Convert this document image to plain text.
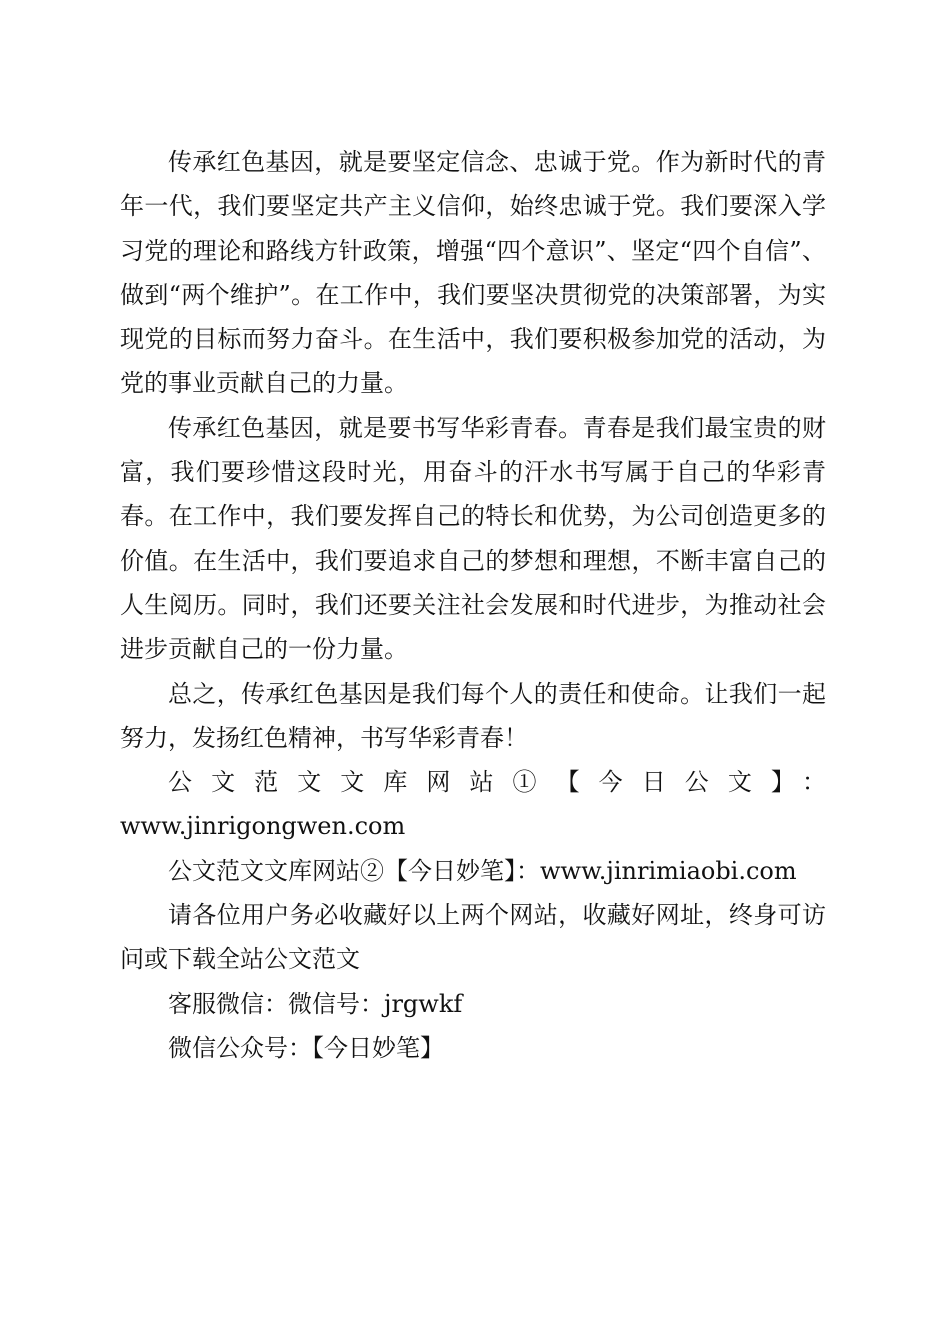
传承红色基因，就是要坚定信念、忠诚于党。作为新时代的青年一代，我们要坚定共产主义信仰，始终忠诚于党。我们要深入学习党的理论和路线方针政策，增强“四个意识”、坚定“四个自信”、做到“两个维护”。在工作中，我们要坚决贯彻党的决策部署，为实现党的目标而努力奋斗。在生活中，我们要积极参加党的活动，为党的事业贡献自己的力量。

传承红色基因，就是要书写华彩青春。青春是我们最宝贵的财富，我们要珍惜这段时光，用奋斗的汗水书写属于自己的华彩青春。在工作中，我们要发挥自己的特长和优势，为公司创造更多的价值。在生活中，我们要追求自己的梦想和理想，不断丰富自己的人生阅历。同时，我们还要关注社会发展和时代进步，为推动社会进步贡献自己的一份力量。

总之，传承红色基因是我们每个人的责任和使命。让我们一起努力，发扬红色精神，书写华彩青春！

公文范文文库网站①【今日公文】：

www.jinrigongwen.com

公文范文文库网站②【今日妙笔】：www.jinrimiaobi.com

请各位用户务必收藏好以上两个网站，收藏好网址，终身可访问或下载全站公文范文

客服微信：微信号：jrgwkf

微信公众号：【今日妙笔】
